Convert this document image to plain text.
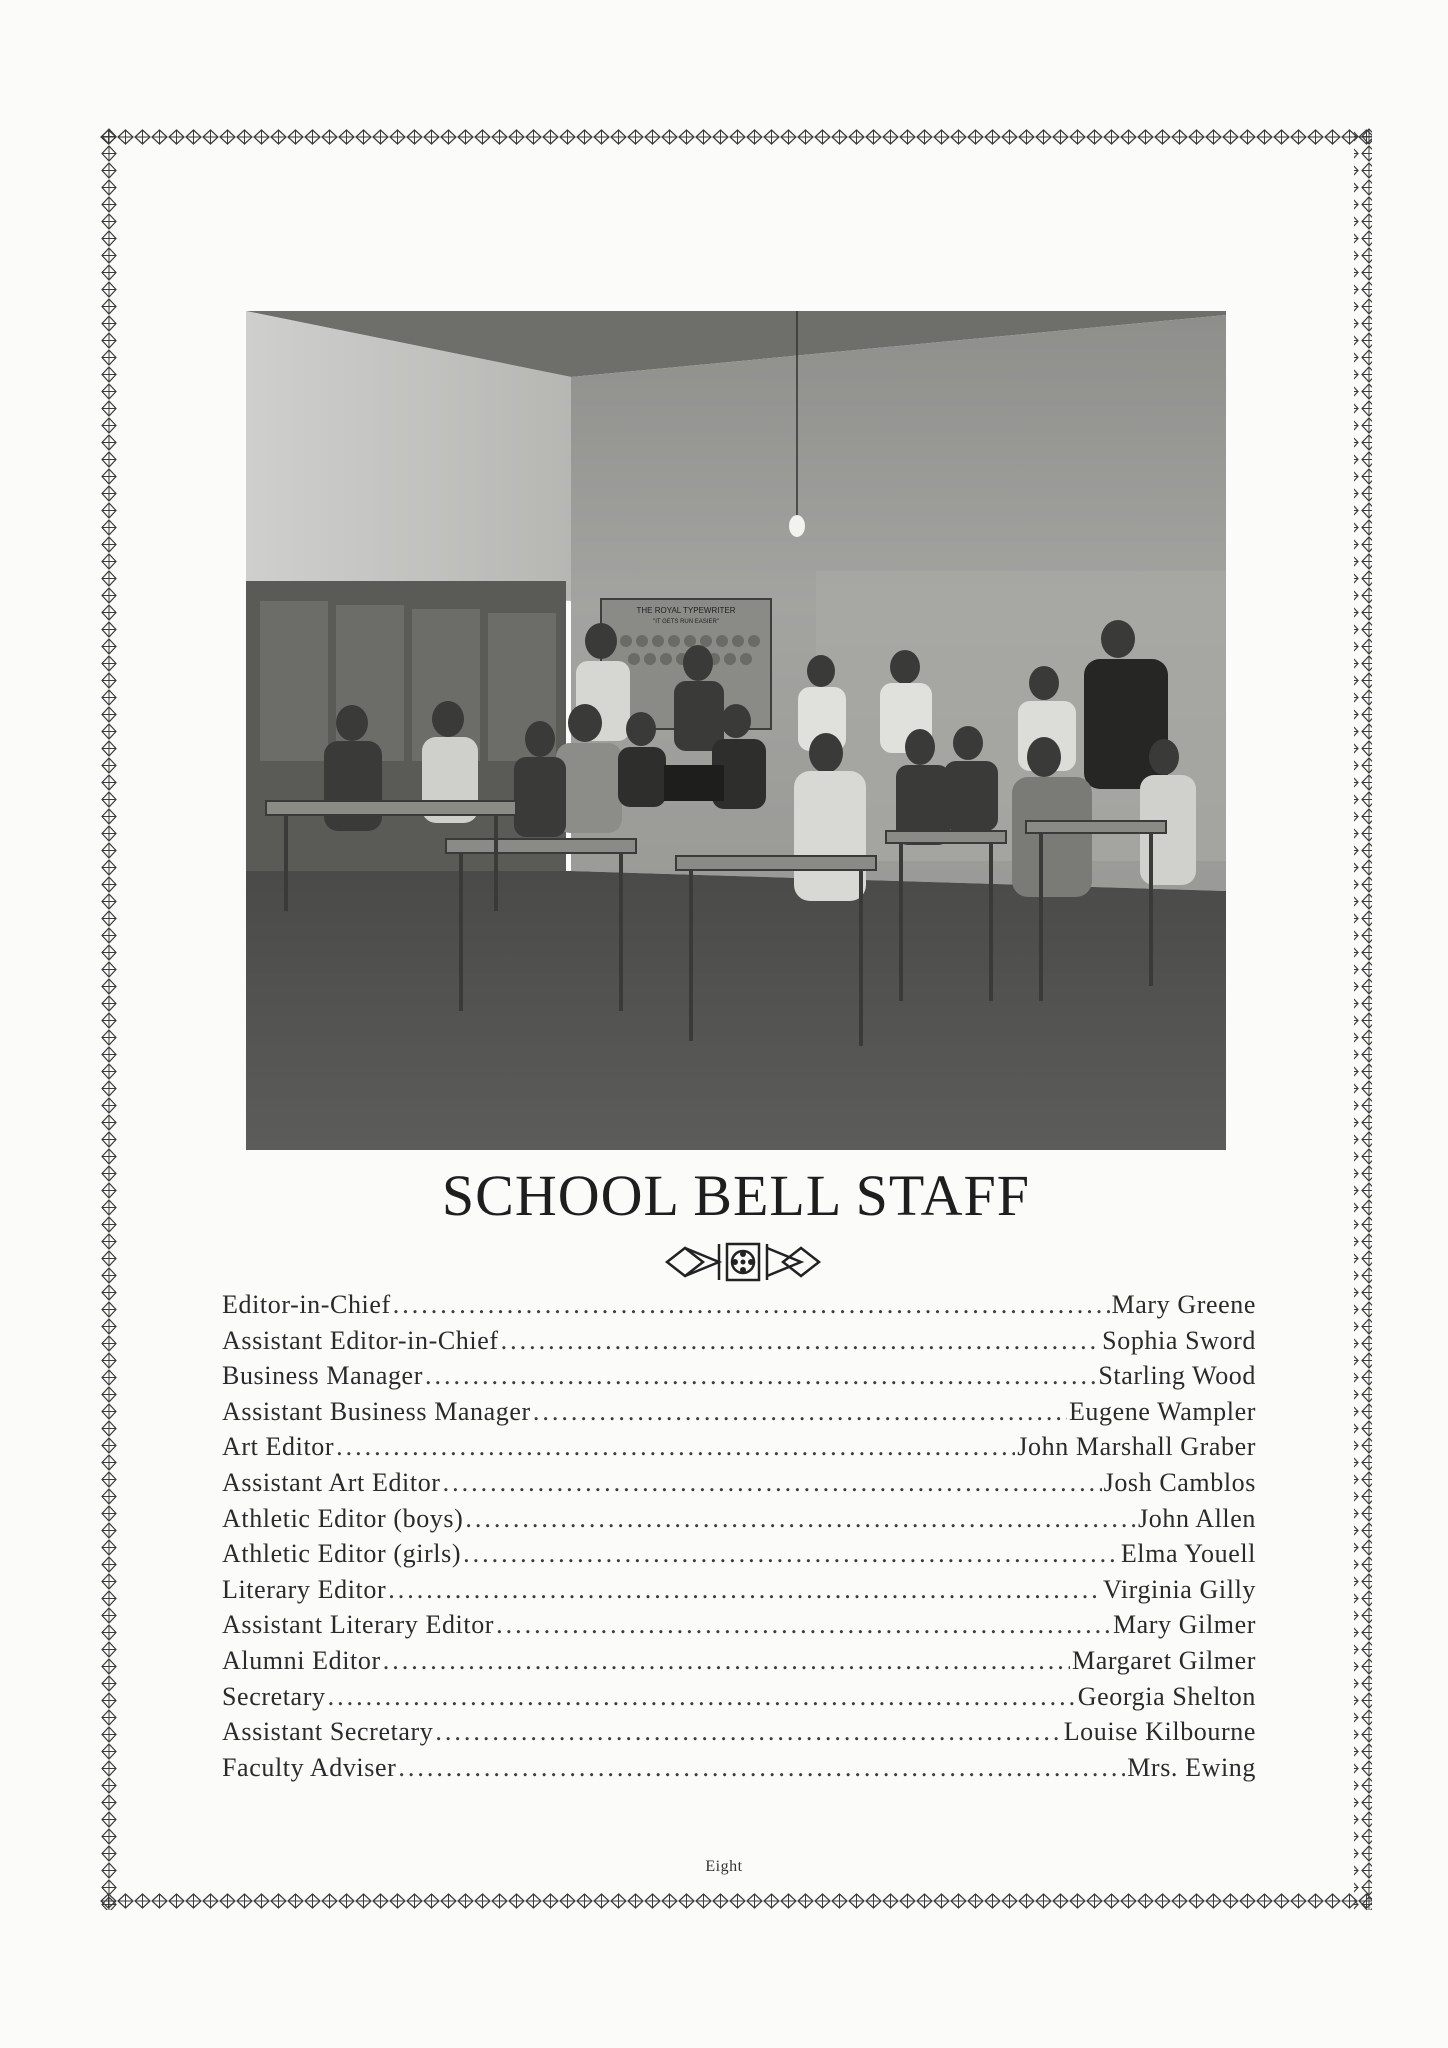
THE ROYAL TYPEWRITER
"IT GETS RUN EASIER"
SCHOOL BELL STAFF
Editor-in-Chief .....	Mary Greene
Assistant Editor-in-Chief .....	Sophia Sword
Business Manager .....	Starling Wood
Assistant Business Manager .....	Eugene Wampler
Art Editor .....	John Marshall Graber
Assistant Art Editor .....	Josh Camblos
Athletic Editor (boys) .....	John Allen
Athletic Editor (girls) .....	Elma Youell
Literary Editor .....	Virginia Gilly
Assistant Literary Editor .....	Mary Gilmer
Alumni Editor .....	Margaret Gilmer
Secretary .....	Georgia Shelton
Assistant Secretary .....	Louise Kilbourne
Faculty Adviser .....	Mrs. Ewing
Eight
